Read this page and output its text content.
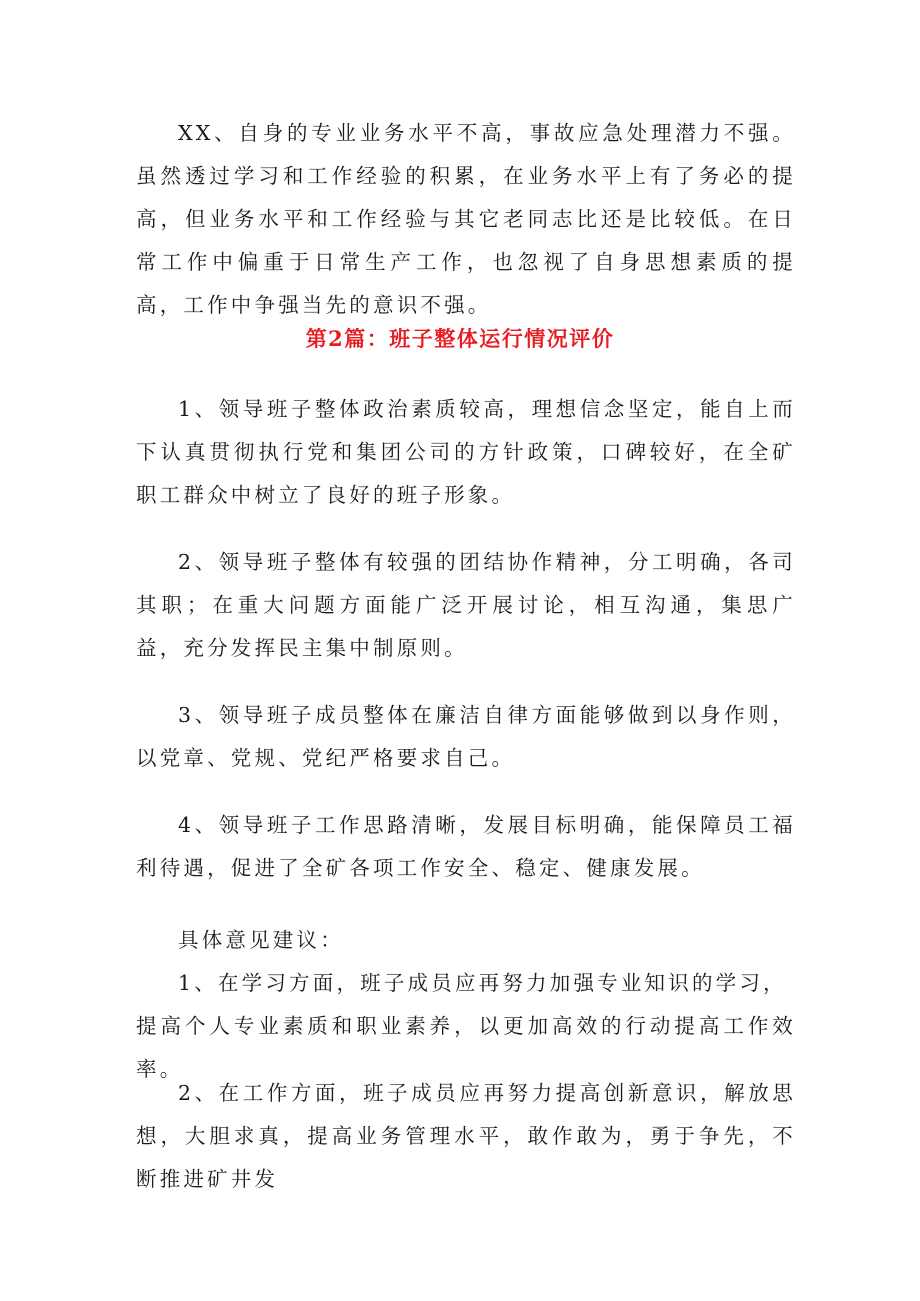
XX、自身的专业业务水平不高，事故应急处理潜力不强。虽然透过学习和工作经验的积累，在业务水平上有了务必的提高，但业务水平和工作经验与其它老同志比还是比较低。在日常工作中偏重于日常生产工作，也忽视了自身思想素质的提高，工作中争强当先的意识不强。

第2篇：班子整体运行情况评价

1、领导班子整体政治素质较高，理想信念坚定，能自上而下认真贯彻执行党和集团公司的方针政策，口碑较好，在全矿职工群众中树立了良好的班子形象。

2、领导班子整体有较强的团结协作精神，分工明确，各司其职；在重大问题方面能广泛开展讨论，相互沟通，集思广益，充分发挥民主集中制原则。

3、领导班子成员整体在廉洁自律方面能够做到以身作则，以党章、党规、党纪严格要求自己。

4、领导班子工作思路清晰，发展目标明确，能保障员工福利待遇，促进了全矿各项工作安全、稳定、健康发展。

具体意见建议：

1、在学习方面，班子成员应再努力加强专业知识的学习，

提高个人专业素质和职业素养，以更加高效的行动提高工作效率。

2、在工作方面，班子成员应再努力提高创新意识，解放思想，大胆求真，提高业务管理水平，敢作敢为，勇于争先，不断推进矿井发
